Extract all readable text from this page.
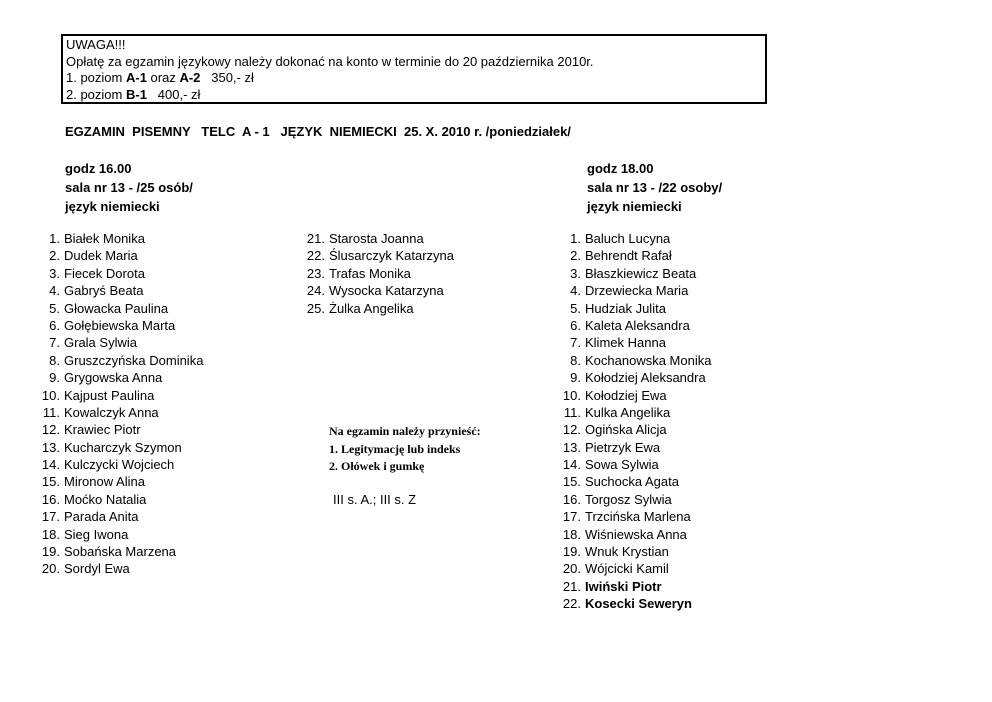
UWAGA!!!
Opłatę za egzamin językowy należy dokonać na konto w terminie do 20 października 2010r.
1. poziom A-1 oraz A-2   350,- zł
2. poziom B-1   400,- zł
EGZAMIN  PISEMNY   TELC  A - 1   JĘZYK  NIEMIECKI  25. X. 2010 r. /poniedziałek/
godz 16.00
sala nr 13 - /25 osób/
język niemiecki
godz 18.00
sala nr 13 - /22 osoby/
język niemiecki
1. Białek Monika
2. Dudek Maria
3. Fiecek Dorota
4. Gabryś Beata
5. Głowacka Paulina
6. Gołębiewska Marta
7. Grala Sylwia
8. Gruszczyńska Dominika
9. Grygowska Anna
10. Kajpust Paulina
11. Kowalczyk Anna
12. Krawiec Piotr
13. Kucharczyk Szymon
14. Kulczycki Wojciech
15. Mironow Alina
16. Moćko Natalia
17. Parada Anita
18. Sieg Iwona
19. Sobańska Marzena
20. Sordyl Ewa
21. Starosta Joanna
22. Ślusarczyk Katarzyna
23. Trafas Monika
24. Wysocka Katarzyna
25. Żulka Angelika
1. Baluch Lucyna
2. Behrendt Rafał
3. Błaszkiewicz Beata
4. Drzewiecka Maria
5. Hudziak Julita
6. Kaleta Aleksandra
7. Klimek Hanna
8. Kochanowska Monika
9. Kołodziej Aleksandra
10. Kołodziej Ewa
11. Kulka Angelika
12. Ogińska Alicja
13. Pietrzyk Ewa
14. Sowa Sylwia
15. Suchocka Agata
16. Torgosz Sylwia
17. Trzcińska Marlena
18. Wiśniewska Anna
19. Wnuk Krystian
20. Wójcicki Kamil
21. Iwiński Piotr
22. Kosecki Seweryn
Na egzamin należy przynieść:
1. Legitymację lub indeks
2. Ołówek i gumkę
III s. A.; III s. Z
